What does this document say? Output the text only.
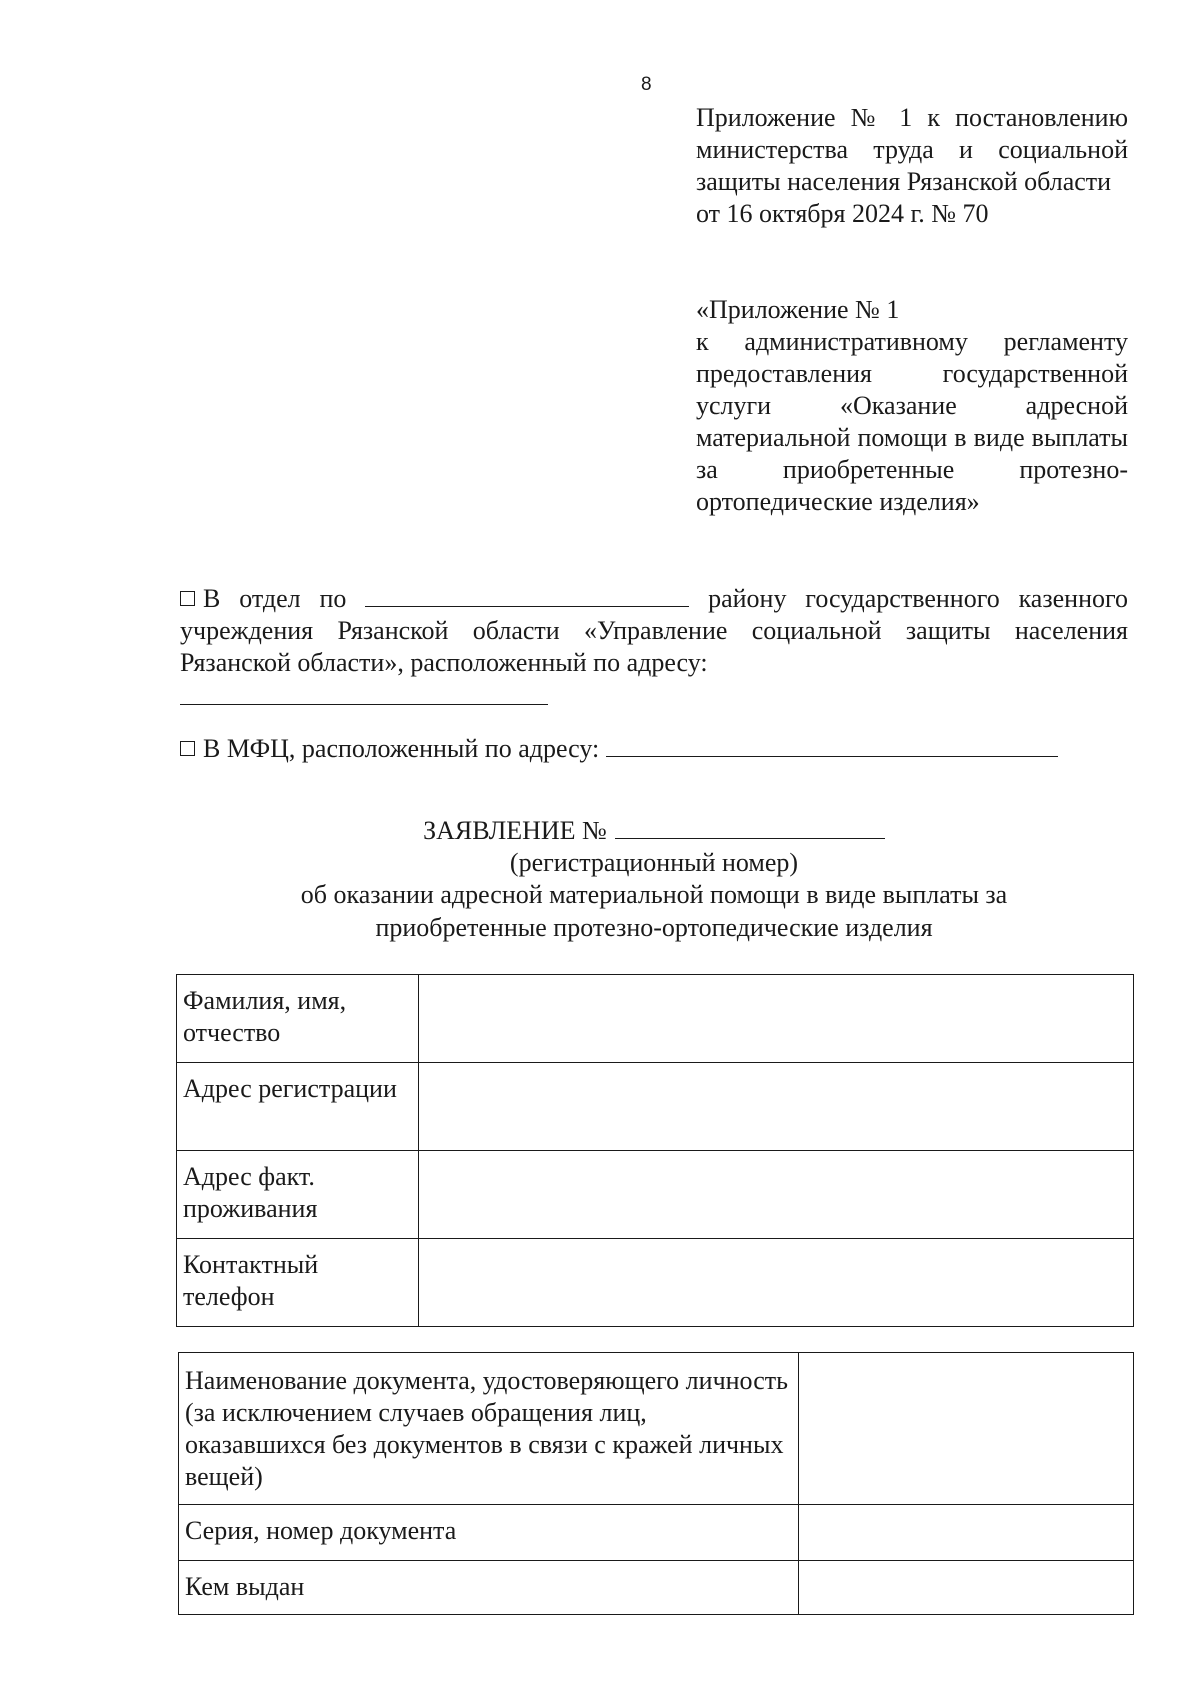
8

Приложение № 1 к постановлению министерства труда и социальной защиты населения Рязанской области

от 16 октября 2024 г. № 70

«Приложение № 1

к административному регламенту предоставления государственной услуги «Оказание адресной материальной помощи в виде выплаты за приобретенные протезно-ортопедические изделия»

В отдел по	району государственного казенного учреждения Рязанской области «Управление социальной защиты населения Рязанской области», расположенный по адресу:
В МФЦ, расположенный по адресу:
ЗАЯВЛЕНИЕ №
(регистрационный номер)
об оказании адресной материальной помощи в виде выплаты за приобретенные протезно-ортопедические изделия
Фамилия, имя, отчество	
Адрес регистрации	
Адрес факт. проживания	
Контактный телефон	
Наименование документа, удостоверяющего личность (за исключением случаев обращения лиц, оказавшихся без документов в связи с кражей личных вещей)	
Серия, номер документа	
Кем выдан	
